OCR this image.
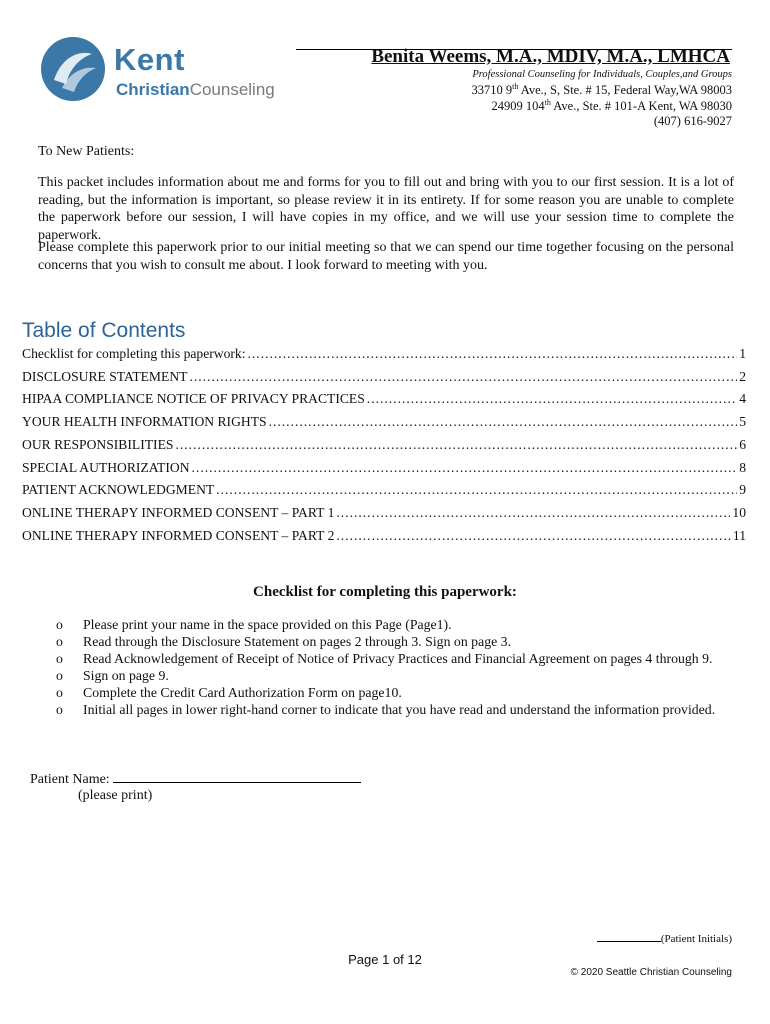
Kent
ChristianCounseling
Benita Weems, M.A., MDIV, M.A., LMHCA
Professional Counseling for Individuals, Couples,and Groups
33710 9th Ave., S, Ste. # 15, Federal Way,WA 98003
24909 104th Ave., Ste. # 101-A Kent, WA 98030
(407) 616-9027
To New Patients:
This packet includes information about me and forms for you to fill out and bring with you to our first session. It is a lot of reading, but the information is important, so please review it in its entirety. If for some reason you are unable to complete the paperwork before our session, I will have copies in my office, and we will use your session time to complete the paperwork.
Please complete this paperwork prior to our initial meeting so that we can spend our time together focusing on the personal concerns that you wish to consult me about. I look forward to meeting with you.
Table of Contents
Checklist for completing this paperwork: .....	1
DISCLOSURE STATEMENT .....	2
HIPAA COMPLIANCE NOTICE OF PRIVACY PRACTICES .....	4
YOUR HEALTH INFORMATION RIGHTS .....	5
OUR RESPONSIBILITIES .....	6
SPECIAL AUTHORIZATION .....	8
PATIENT ACKNOWLEDGMENT .....	9
ONLINE THERAPY INFORMED CONSENT – PART 1 .....	10
ONLINE THERAPY INFORMED CONSENT – PART 2 .....	11
Checklist for completing this paperwork:
o	Please print your name in the space provided on this Page (Page1).
o	Read through the Disclosure Statement on pages 2 through 3. Sign on page 3.
o	Read Acknowledgement of Receipt of Notice of Privacy Practices and Financial Agreement on pages 4 through 9.
o	Sign on page 9.
o	Complete the Credit Card Authorization Form on page10.
o	Initial all pages in lower right-hand corner to indicate that you have read and understand the information provided.
Patient Name:
(please print)
(Patient Initials)
Page 1 of 12
© 2020 Seattle Christian Counseling
